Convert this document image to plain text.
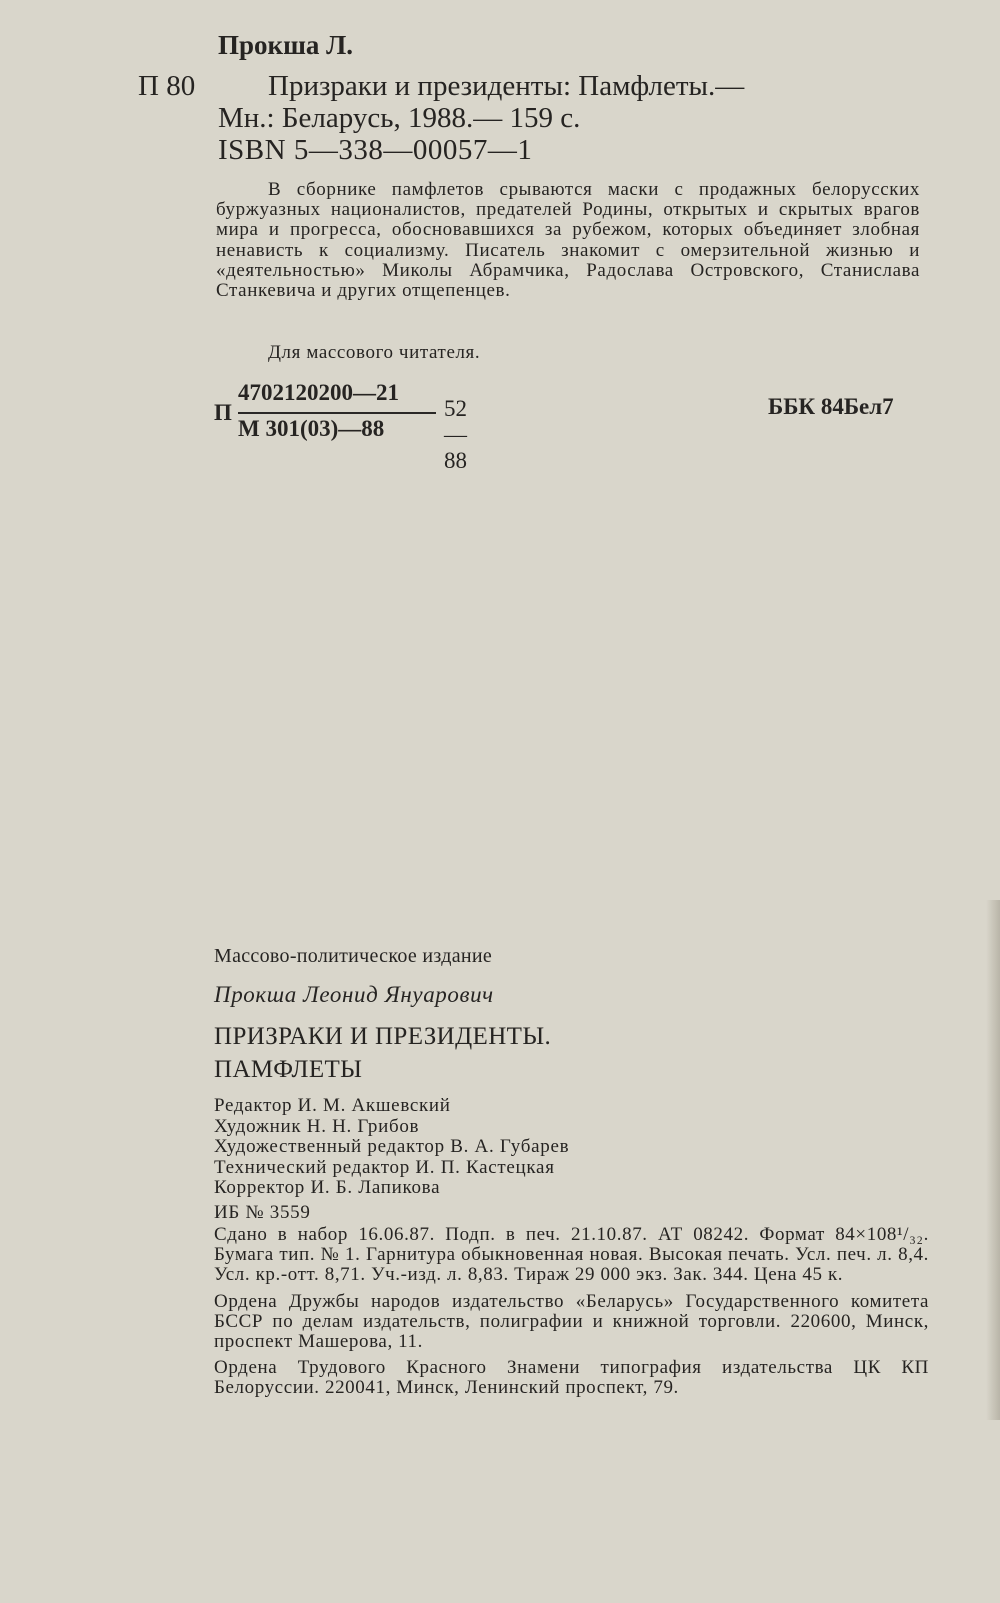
Прокша Л.
П 80	Призраки и президенты: Памфлеты.—
Мн.: Беларусь, 1988.— 159 с.
ISBN 5—338—00057—1

В сборнике памфлетов срываются маски с продажных белорусских буржуазных националистов, предателей Родины, открытых и скрытых врагов мира и прогресса, обосновавшихся за рубежом, которых объединяет злобная ненависть к социализму. Писатель знакомит с омерзительной жизнью и «деятельностью» Миколы Абрамчика, Радослава Островского, Станислава Станкевича и других отщепенцев.

Для массового читателя.
П
4702120200—21
М 301(03)—88
52—88
ББК 84Бел7
Массово-политическое издание
Прокша Леонид Януарович
ПРИЗРАКИ И ПРЕЗИДЕНТЫ.
ПАМФЛЕТЫ
Редактор И. М. Акшевский
Художник Н. Н. Грибов
Художественный редактор В. А. Губарев
Технический редактор И. П. Кастецкая
Корректор И. Б. Лапикова
ИБ № 3559
Сдано в набор 16.06.87. Подп. в печ. 21.10.87. АТ 08242. Формат 84×108¹/₃₂. Бумага тип. № 1. Гарнитура обыкновенная новая. Высокая печать. Усл. печ. л. 8,4. Усл. кр.-отт. 8,71. Уч.-изд. л. 8,83. Тираж 29 000 экз. Зак. 344. Цена 45 к.
Ордена Дружбы народов издательство «Беларусь» Государственного комитета БССР по делам издательств, полиграфии и книжной торговли. 220600, Минск, проспект Машерова, 11.
Ордена Трудового Красного Знамени типография издательства ЦК КП Белоруссии. 220041, Минск, Ленинский проспект, 79.
